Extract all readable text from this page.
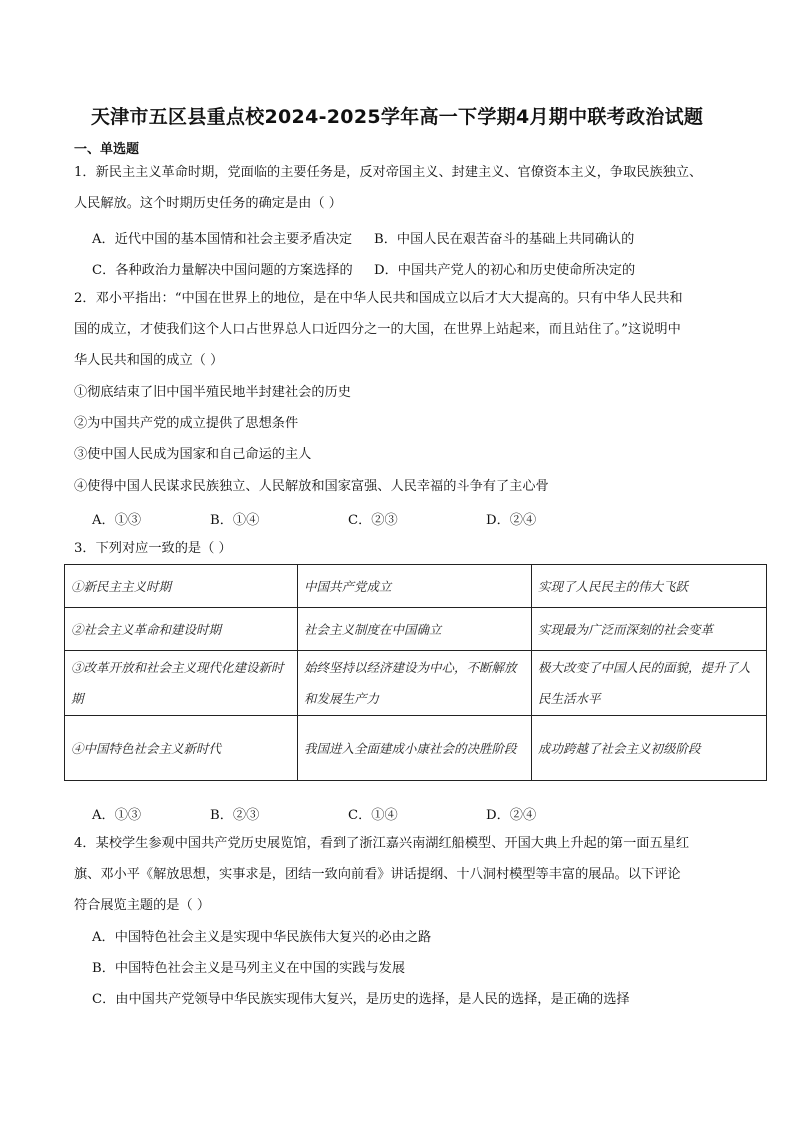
天津市五区县重点校2024-2025学年高一下学期4月期中联考政治试题
一、单选题
1．新民主主义革命时期，党面临的主要任务是，反对帝国主义、封建主义、官僚资本主义，争取民族独立、
人民解放。这个时期历史任务的确定是由（ ）
A．近代中国的基本国情和社会主要矛盾决定 B．中国人民在艰苦奋斗的基础上共同确认的
C．各种政治力量解决中国问题的方案选择的 D．中国共产党人的初心和历史使命所决定的
2．邓小平指出：“中国在世界上的地位，是在中华人民共和国成立以后才大大提高的。只有中华人民共和
国的成立，才使我们这个人口占世界总人口近四分之一的大国，在世界上站起来，而且站住了。”这说明中
华人民共和国的成立（ ）
①彻底结束了旧中国半殖民地半封建社会的历史
②为中国共产党的成立提供了思想条件
③使中国人民成为国家和自己命运的主人
④使得中国人民谋求民族独立、人民解放和国家富强、人民幸福的斗争有了主心骨
A．①③	B．①④	C．②③	D．②④
3．下列对应一致的是（ ）
①新民主主义时期	中国共产党成立	实现了人民民主的伟大飞跃
②社会主义革命和建设时期	社会主义制度在中国确立	实现最为广泛而深刻的社会变革
③改革开放和社会主义现代化建设新时期	始终坚持以经济建设为中心，不断解放和发展生产力	极大改变了中国人民的面貌，提升了人民生活水平
④中国特色社会主义新时代	我国进入全面建成小康社会的决胜阶段	成功跨越了社会主义初级阶段
A．①③	B．②③	C．①④	D．②④
4．某校学生参观中国共产党历史展览馆，看到了浙江嘉兴南湖红船模型、开国大典上升起的第一面五星红
旗、邓小平《解放思想，实事求是，团结一致向前看》讲话提纲、十八洞村模型等丰富的展品。以下评论
符合展览主题的是（ ）
A．中国特色社会主义是实现中华民族伟大复兴的必由之路
B．中国特色社会主义是马列主义在中国的实践与发展
C．由中国共产党领导中华民族实现伟大复兴，是历史的选择，是人民的选择，是正确的选择
